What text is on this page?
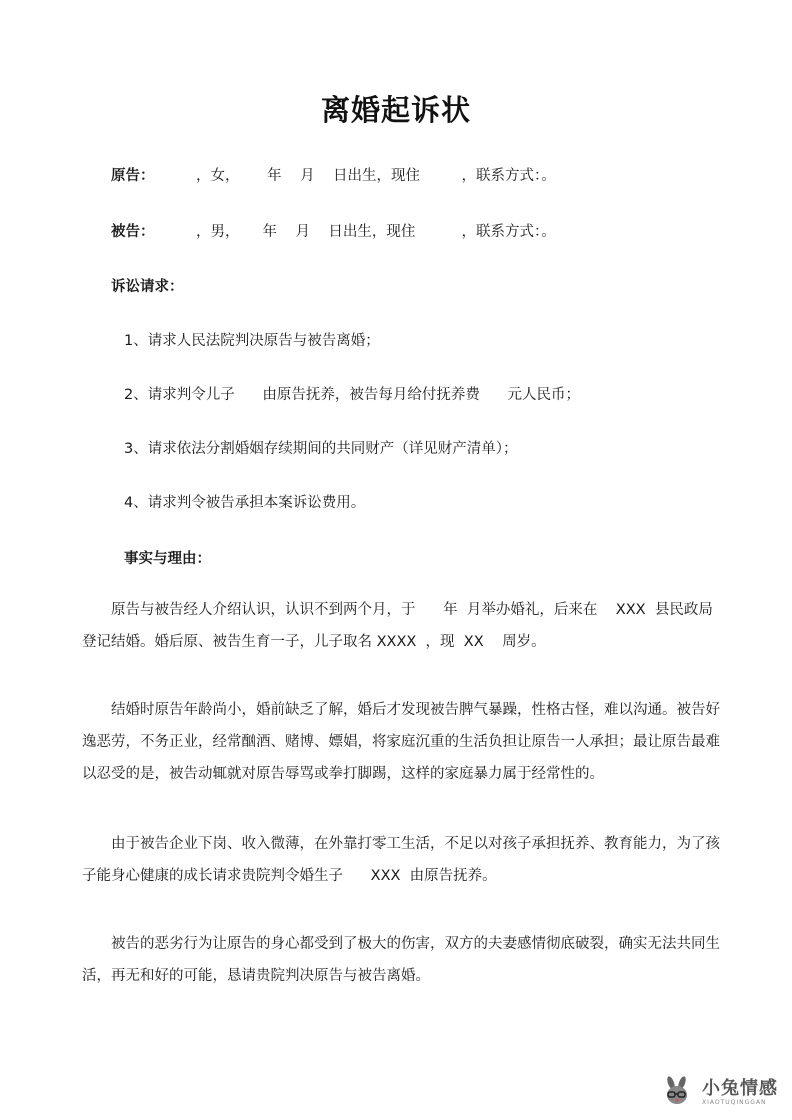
离婚起诉状
原告：         ，女，      年    月    日出生，现住         ，联系方式：。
被告：         ，男，     年    月    日出生，现住          ，联系方式：。
诉讼请求：
1、请求人民法院判决原告与被告离婚；
2、请求判令儿子      由原告抚养，被告每月给付抚养费      元人民币；
3、请求依法分割婚姻存续期间的共同财产（详见财产清单）；
4、请求判令被告承担本案诉讼费用。
事实与理由：
原告与被告经人介绍认识，认识不到两个月，于      年  月举办婚礼，后来在    XXX  县民政局登记结婚。婚后原、被告生育一子，儿子取名 XXXX  ，现  XX    周岁。
结婚时原告年龄尚小，婚前缺乏了解，婚后才发现被告脾气暴躁，性格古怪，难以沟通。被告好逸恶劳，不务正业，经常酗酒、赌博、嫖娼，将家庭沉重的生活负担让原告一人承担；最让原告最难以忍受的是，被告动辄就对原告辱骂或拳打脚踢，这样的家庭暴力属于经常性的。
由于被告企业下岗、收入微薄，在外靠打零工生活，不足以对孩子承担抚养、教育能力，为了孩子能身心健康的成长请求贵院判令婚生子      XXX  由原告抚养。
被告的恶劣行为让原告的身心都受到了极大的伤害，双方的夫妻感情彻底破裂，确实无法共同生活，再无和好的可能，恳请贵院判决原告与被告离婚。
小兔情感
XIAOTUQINGGAN
